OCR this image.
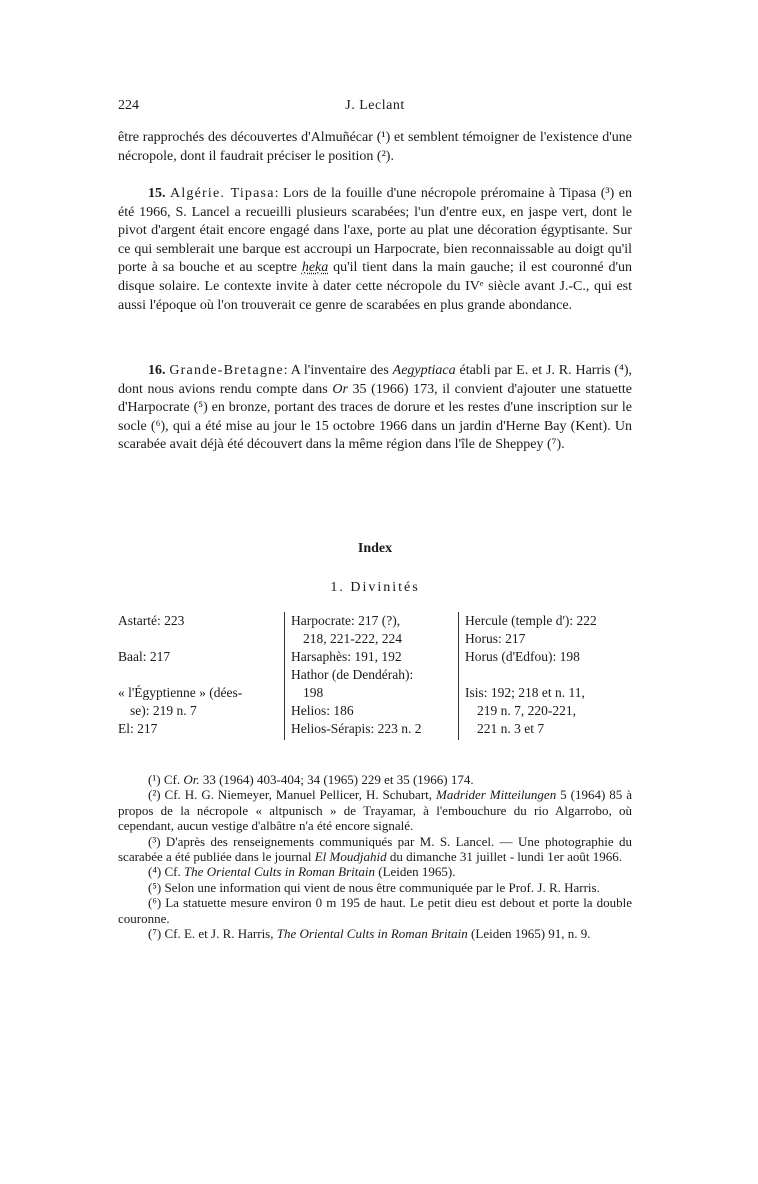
224	J. Leclant

être rapprochés des découvertes d'Almuñécar (¹) et semblent témoigner de l'existence d'une nécropole, dont il faudrait préciser le position (²).

15. Algérie. Tipasa: Lors de la fouille d'une nécropole préromaine à Tipasa (³) en été 1966, S. Lancel a recueilli plusieurs scarabées; l'un d'entre eux, en jaspe vert, dont le pivot d'argent était encore engagé dans l'axe, porte au plat une décoration égyptisante. Sur ce qui semblerait une barque est accroupi un Harpocrate, bien reconnaissable au doigt qu'il porte à sa bouche et au sceptre ḥeḳa qu'il tient dans la main gauche; il est couronné d'un disque solaire. Le contexte invite à dater cette nécropole du IVᵉ siècle avant J.-C., qui est aussi l'époque où l'on trouverait ce genre de scarabées en plus grande abondance.

16. Grande-Bretagne: A l'inventaire des Aegyptiaca établi par E. et J. R. Harris (⁴), dont nous avions rendu compte dans Or 35 (1966) 173, il convient d'ajouter une statuette d'Harpocrate (⁵) en bronze, portant des traces de dorure et les restes d'une inscription sur le socle (⁶), qui a été mise au jour le 15 octobre 1966 dans un jardin d'Herne Bay (Kent). Un scarabée avait déjà été découvert dans la même région dans l'île de Sheppey (⁷).

Index
1. Divinités

Astarté: 223

Baal: 217

« l'Égyptienne » (dées-

se): 219 n. 7

El: 217

Harpocrate: 217 (?),

218, 221-222, 224

Harsaphès: 191, 192

Hathor (de Dendérah):

198

Helios: 186

Helios-Sérapis: 223 n. 2

Hercule (temple d'): 222

Horus: 217

Horus (d'Edfou): 198

Isis: 192; 218 et n. 11,

219 n. 7, 220-221,

221 n. 3 et 7

(¹) Cf. Or. 33 (1964) 403-404; 34 (1965) 229 et 35 (1966) 174.

(²) Cf. H. G. Niemeyer, Manuel Pellicer, H. Schubart, Madrider Mitteilungen 5 (1964) 85 à propos de la nécropole « altpunisch » de Trayamar, à l'embouchure du rio Algarrobo, où cependant, aucun vestige d'albâtre n'a été encore signalé.

(³) D'après des renseignements communiqués par M. S. Lancel. — Une photographie du scarabée a été publiée dans le journal El Moudjahid du dimanche 31 juillet - lundi 1er août 1966.

(⁴) Cf. The Oriental Cults in Roman Britain (Leiden 1965).

(⁵) Selon une information qui vient de nous être communiquée par le Prof. J. R. Harris.

(⁶) La statuette mesure environ 0 m 195 de haut. Le petit dieu est debout et porte la double couronne.

(⁷) Cf. E. et J. R. Harris, The Oriental Cults in Roman Britain (Leiden 1965) 91, n. 9.
